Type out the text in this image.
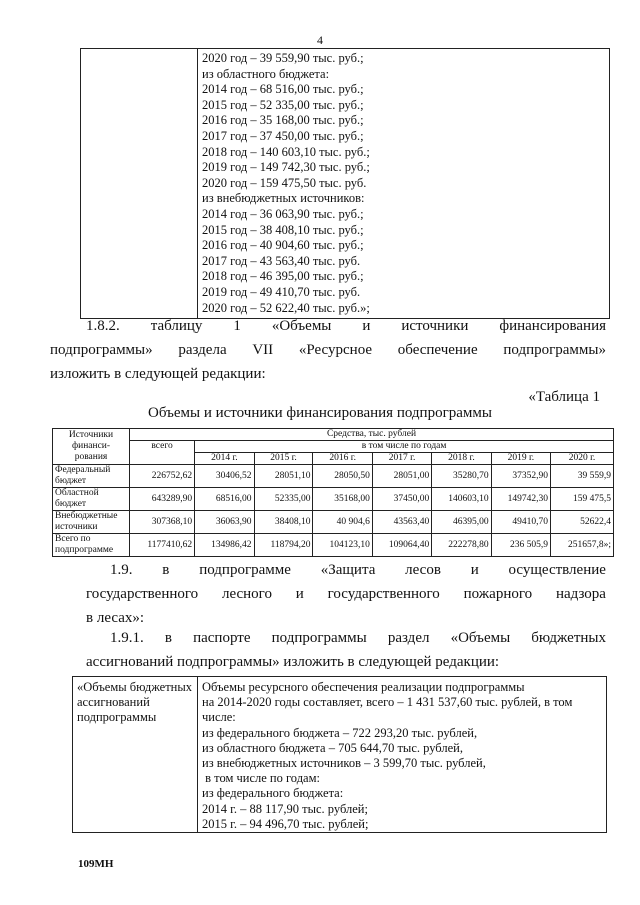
4

2020 год – 39 559,90 тыс. руб.;
из областного бюджета:
2014 год – 68 516,00 тыс. руб.;
2015 год – 52 335,00 тыс. руб.;
2016 год – 35 168,00 тыс. руб.;
2017 год – 37 450,00 тыс. руб.;
2018 год – 140 603,10 тыс. руб.;
2019 год – 149 742,30 тыс. руб.;
2020 год – 159 475,50 тыс. руб.
из внебюджетных источников:
2014 год – 36 063,90 тыс. руб.;
2015 год – 38 408,10 тыс. руб.;
2016 год – 40 904,60 тыс. руб.;
2017 год – 43 563,40 тыс. руб.
2018 год – 46 395,00 тыс. руб.;
2019 год – 49 410,70 тыс. руб.
2020 год – 52 622,40 тыс. руб.»;
1.8.2. таблицу 1 «Объемы и источники финансирования
подпрограммы» раздела VII «Ресурсное обеспечение подпрограммы»
изложить в следующей редакции:
«Таблица 1
Объемы и источники финансирования подпрограммы
Источники
финанси-
рования	Средства, тыс. рублей							
	всего	в том числе по годам						
		2014 г.	2015 г.	2016 г.	2017 г.	2018 г.	2019 г.	2020 г.

Федеральный
бюджет	226752,62	30406,52	28051,10	28050,50	28051,00	35280,70	37352,90	39 559,9

Областной
бюджет	643289,90	68516,00	52335,00	35168,00	37450,00	140603,10	149742,30	159 475,5

Внебюджетные
источники	307368,10	36063,90	38408,10	40 904,6	43563,40	46395,00	49410,70	52622,4

Всего по
подпрограмме	1177410,62	134986,42	118794,20	104123,10	109064,40	222278,80	236 505,9	251657,8»;
1.9. в подпрограмме «Защита лесов и осуществление
государственного лесного и государственного пожарного надзора
в лесах»:
1.9.1. в паспорте подпрограммы раздел «Объемы бюджетных
ассигнований подпрограммы» изложить в следующей редакции:
«Объемы бюджетных
ассигнований
подпрограммы

Объемы ресурсного обеспечения реализации подпрограммы
на 2014-2020 годы составляет, всего – 1 431 537,60 тыс. рублей, в том
числе:
из федерального бюджета – 722 293,20 тыс. рублей,
из областного бюджета – 705 644,70 тыс. рублей,
из внебюджетных источников – 3 599,70 тыс. рублей,
в том числе по годам:
из федерального бюджета:
2014 г. – 88 117,90 тыс. рублей;
2015 г. – 94 496,70 тыс. рублей;
109МН
